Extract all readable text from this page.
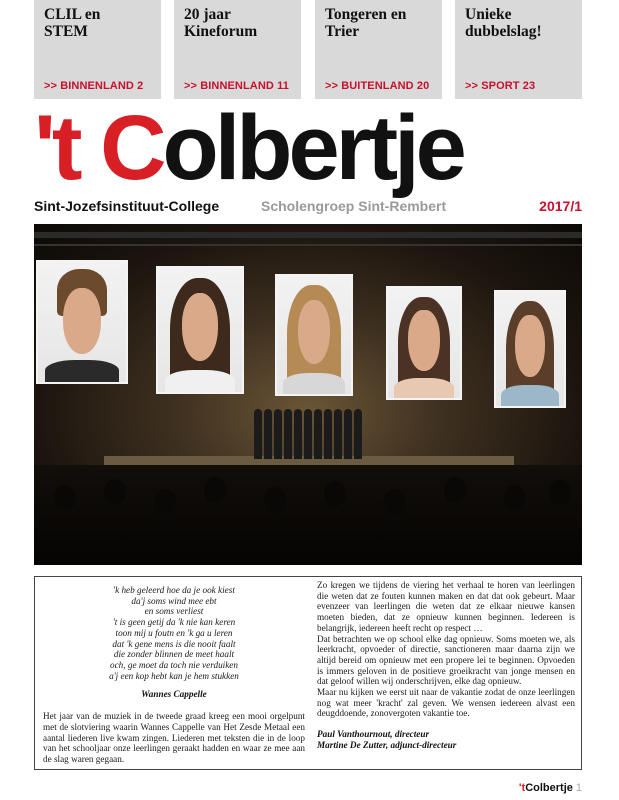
CLIL en STEM
>> BINNENLAND 2
20 jaar Kineforum
>> BINNENLAND 11
Tongeren en Trier
>> BUITENLAND 20
Unieke dubbelslag!
>> SPORT 23
't Colbertje
Sint-Jozefsinstituut-College	Scholengroep Sint-Rembert	2017/1
'k heb geleerd hoe da je ook kiest
da'j soms wind mee ebt
en soms verliest
't is geen getij da 'k nie kan keren
toon mij u foutn en 'k ga u leren
dat 'k gene mens is die nooit faalt
die zonder blinnen de meet haalt
och, ge moet da toch nie verduiken
a'j een kop hebt kan je hem stukken
Wannes Cappelle

Het jaar van de muziek in de tweede graad kreeg een mooi orgelpunt met de slotviering waarin Wannes Cappelle van Het Zesde Metaal een aantal liederen live kwam zingen. Liederen met teksten die in de loop van het schooljaar onze leerlingen geraakt hadden en waar ze mee aan de slag waren gegaan.

Zo kregen we tijdens de viering het verhaal te horen van leerlingen die weten dat ze fouten kunnen maken en dat dat ook gebeurt. Maar evenzeer van leerlingen die weten dat ze elkaar nieuwe kansen moeten bieden, dat ze opnieuw kunnen beginnen. Iedereen is belangrijk, iedereen heeft recht op respect …

Dat betrachten we op school elke dag opnieuw. Soms moeten we, als leerkracht, opvoeder of directie, sanctioneren maar daarna zijn we altijd bereid om opnieuw met een propere lei te beginnen. Opvoeden is immers geloven in de positieve groeikracht van jonge mensen en dat geloof willen wij onderschrijven, elke dag opnieuw.

Maar nu kijken we eerst uit naar de vakantie zodat de onze leerlingen nog wat meer 'kracht' zal geven. We wensen iedereen alvast een deugddoende, zonovergoten vakantie toe.

Paul Vanthournout, directeur
Martine De Zutter, adjunct-directeur
'tColbertje 1
